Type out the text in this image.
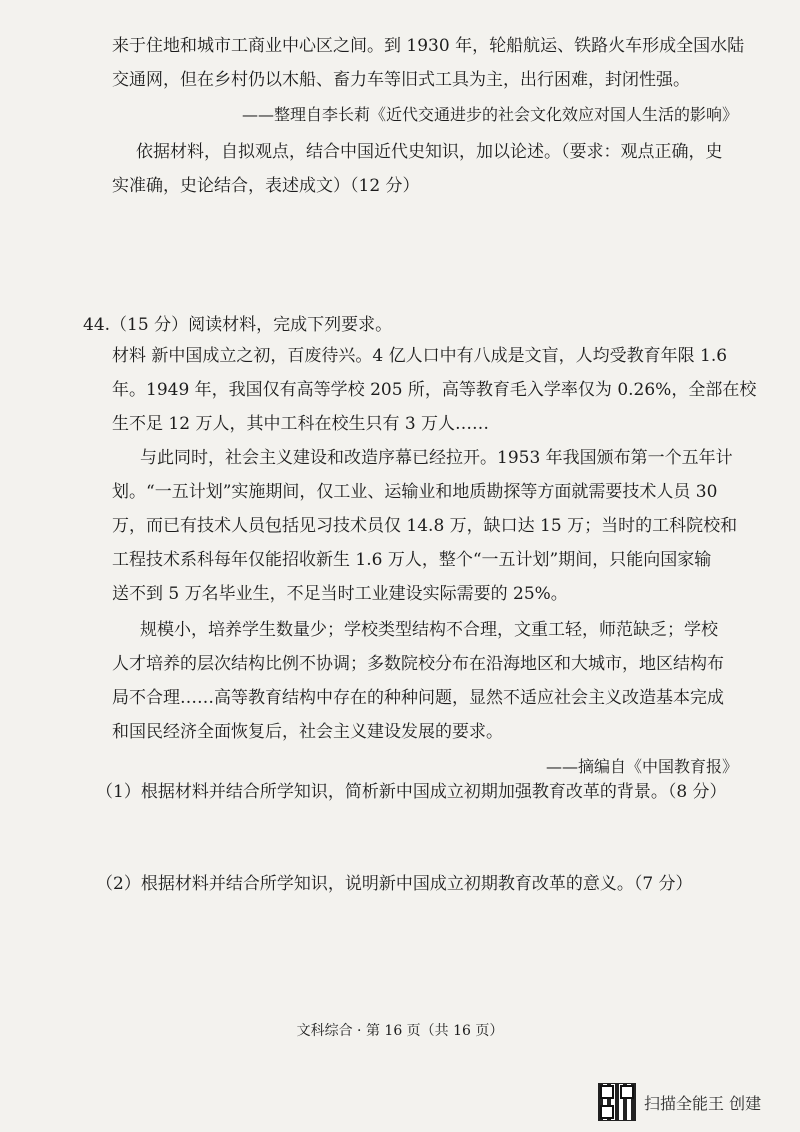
来于住地和城市工商业中心区之间。到 1930 年，轮船航运、铁路火车形成全国水陆
交通网，但在乡村仍以木船、畜力车等旧式工具为主，出行困难，封闭性强。
——整理自李长莉《近代交通进步的社会文化效应对国人生活的影响》
依据材料，自拟观点，结合中国近代史知识，加以论述。（要求：观点正确，史
实准确，史论结合，表述成文）（12 分）
44.（15 分）阅读材料，完成下列要求。
材料 新中国成立之初，百废待兴。4 亿人口中有八成是文盲，人均受教育年限 1.6
年。1949 年，我国仅有高等学校 205 所，高等教育毛入学率仅为 0.26%，全部在校
生不足 12 万人，其中工科在校生只有 3 万人……
与此同时，社会主义建设和改造序幕已经拉开。1953 年我国颁布第一个五年计
划。“一五计划”实施期间，仅工业、运输业和地质勘探等方面就需要技术人员 30
万，而已有技术人员包括见习技术员仅 14.8 万，缺口达 15 万；当时的工科院校和
工程技术系科每年仅能招收新生 1.6 万人，整个“一五计划”期间，只能向国家输
送不到 5 万名毕业生，不足当时工业建设实际需要的 25%。
规模小，培养学生数量少；学校类型结构不合理，文重工轻，师范缺乏；学校
人才培养的层次结构比例不协调；多数院校分布在沿海地区和大城市，地区结构布
局不合理……高等教育结构中存在的种种问题，显然不适应社会主义改造基本完成
和国民经济全面恢复后，社会主义建设发展的要求。
——摘编自《中国教育报》
（1）根据材料并结合所学知识，简析新中国成立初期加强教育改革的背景。（8 分）
（2）根据材料并结合所学知识，说明新中国成立初期教育改革的意义。（7 分）
文科综合 · 第 16 页（共 16 页）
扫描全能王 创建
